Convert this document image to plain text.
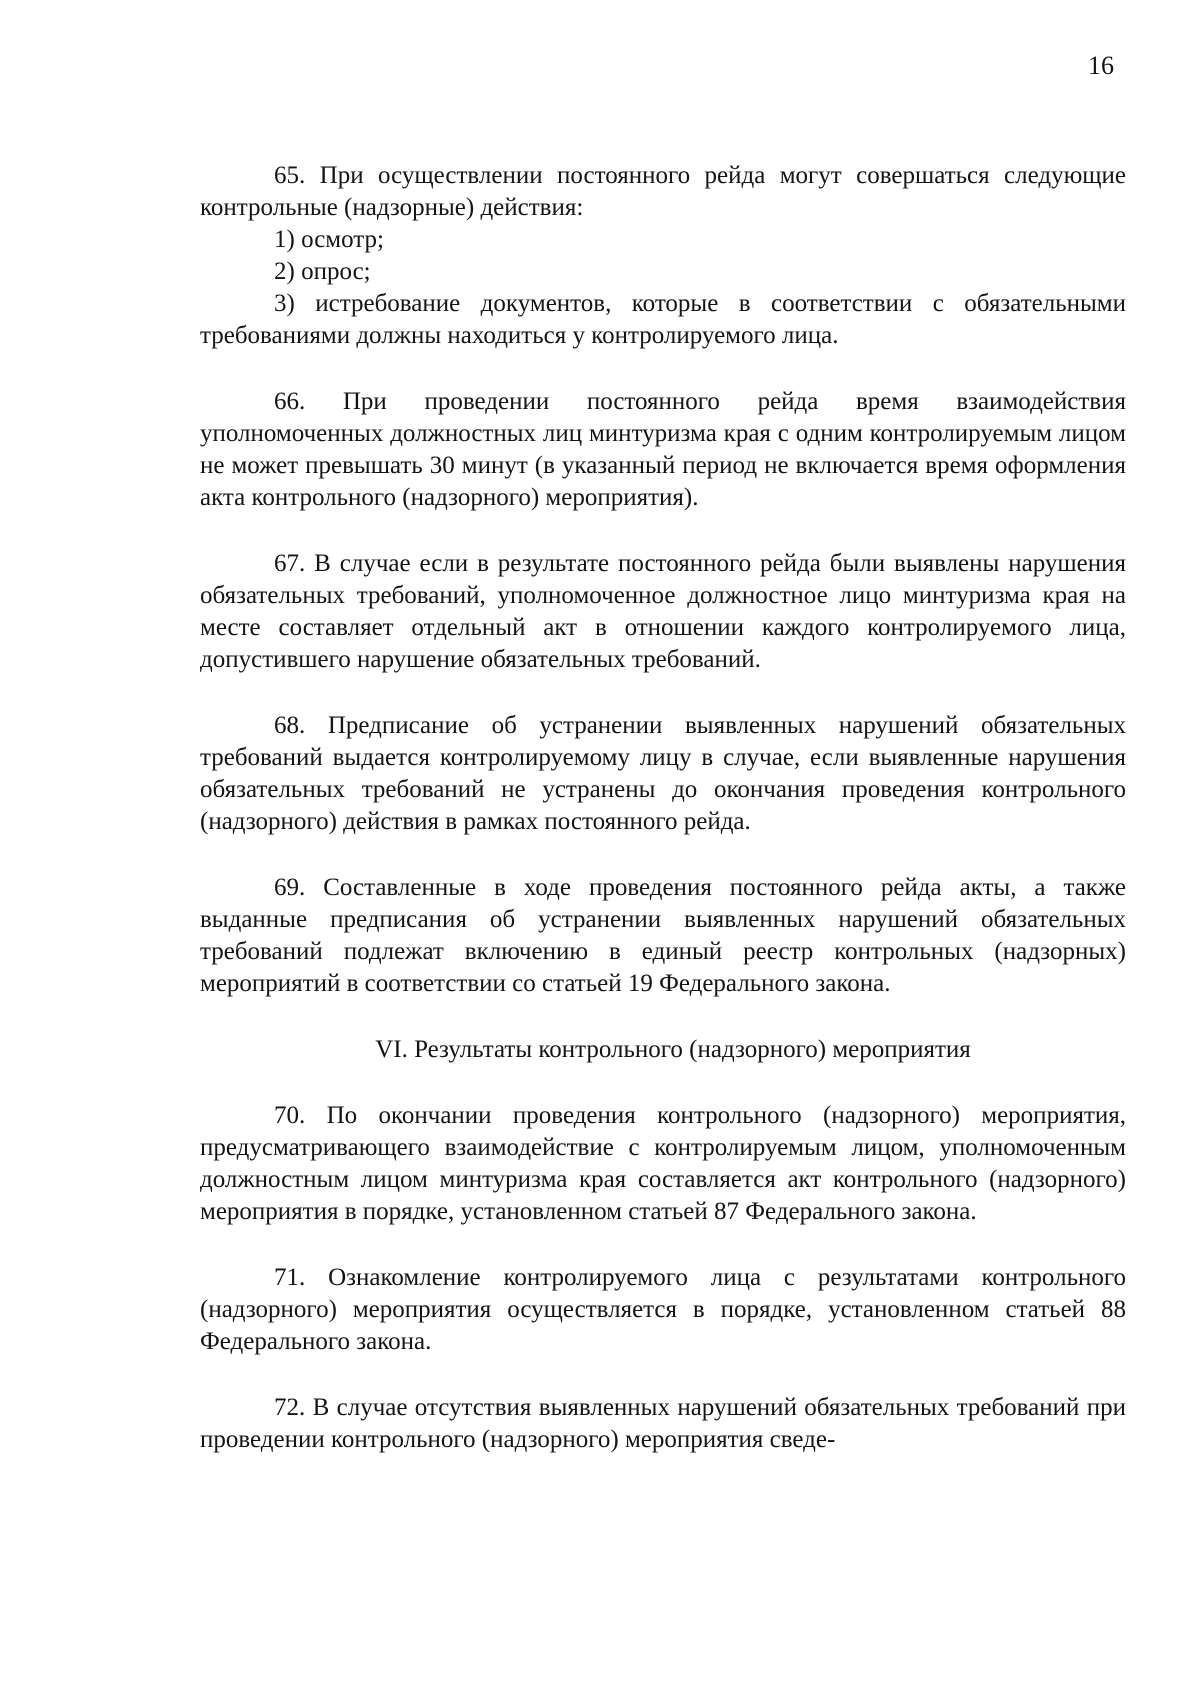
16

65. При осуществлении постоянного рейда могут совершаться следующие контрольные (надзорные) действия:

1) осмотр;

2) опрос;

3) истребование документов, которые в соответствии с обязательными требованиями должны находиться у контролируемого лица.

66. При проведении постоянного рейда время взаимодействия уполномоченных должностных лиц минтуризма края с одним контролируемым лицом не может превышать 30 минут (в указанный период не включается время оформления акта контрольного (надзорного) мероприятия).

67. В случае если в результате постоянного рейда были выявлены нарушения обязательных требований, уполномоченное должностное лицо минтуризма края на месте составляет отдельный акт в отношении каждого контролируемого лица, допустившего нарушение обязательных требований.

68. Предписание об устранении выявленных нарушений обязательных требований выдается контролируемому лицу в случае, если выявленные нарушения обязательных требований не устранены до окончания проведения контрольного (надзорного) действия в рамках постоянного рейда.

69. Составленные в ходе проведения постоянного рейда акты, а также выданные предписания об устранении выявленных нарушений обязательных требований подлежат включению в единый реестр контрольных (надзорных) мероприятий в соответствии со статьей 19 Федерального закона.

VI. Результаты контрольного (надзорного) мероприятия

70. По окончании проведения контрольного (надзорного) мероприятия, предусматривающего взаимодействие с контролируемым лицом, уполномоченным должностным лицом минтуризма края составляется акт контрольного (надзорного) мероприятия в порядке, установленном статьей 87 Федерального закона.

71. Ознакомление контролируемого лица с результатами контрольного (надзорного) мероприятия осуществляется в порядке, установленном статьей 88 Федерального закона.

72. В случае отсутствия выявленных нарушений обязательных требований при проведении контрольного (надзорного) мероприятия сведе-
